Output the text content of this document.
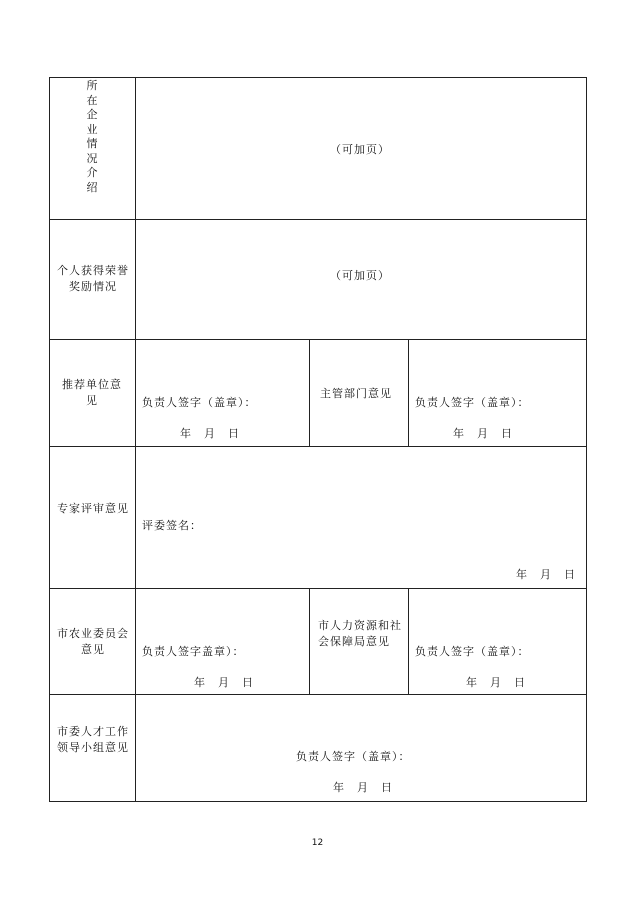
所在企业情况介绍
（可加页）
个人获得荣誉奖励情况
（可加页）
推荐单位意见	负责人签字（盖章）：
年　月　日
主管部门意见
负责人签字（盖章）：
年　月　日
专家评审意见
评委签名：
年　月　日
市农业委员会意见	负责人签字盖章）：
年　月　日
市人力资源和社会保障局意见
负责人签字（盖章）：
年　月　日
市委人才工作领导小组意见
负责人签字（盖章）：
年　月　日
12
